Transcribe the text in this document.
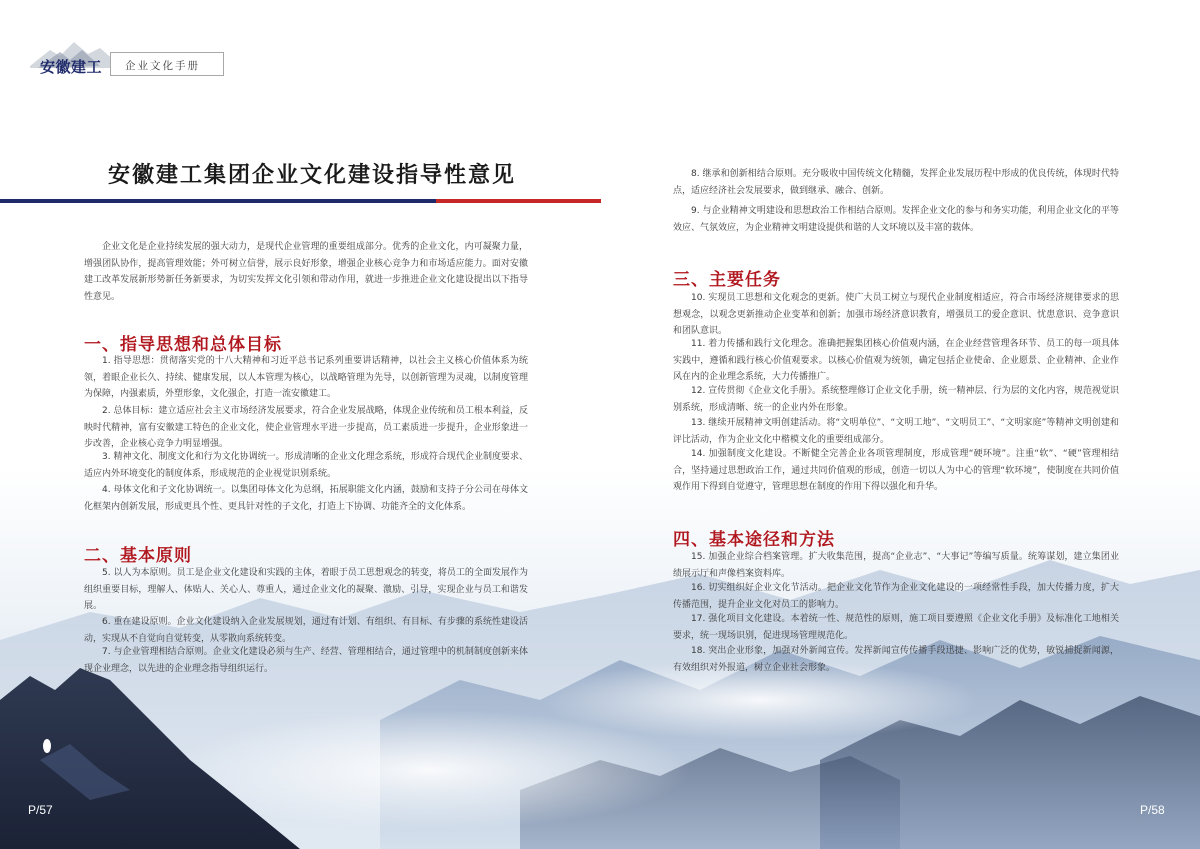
安徽建工 企业文化手册
安徽建工集团企业文化建设指导性意见

企业文化是企业持续发展的强大动力，是现代企业管理的重要组成部分。优秀的企业文化，内可凝聚力量，增强团队协作，提高管理效能；外可树立信誉，展示良好形象，增强企业核心竞争力和市场适应能力。面对安徽建工改革发展新形势新任务新要求，为切实发挥文化引领和带动作用，就进一步推进企业文化建设提出以下指导性意见。

一、指导思想和总体目标

1. 指导思想：贯彻落实党的十八大精神和习近平总书记系列重要讲话精神，以社会主义核心价值体系为统领，着眼企业长久、持续、健康发展，以人本管理为核心，以战略管理为先导，以创新管理为灵魂，以制度管理为保障，内强素质，外塑形象，文化强企，打造一流安徽建工。

2. 总体目标：建立适应社会主义市场经济发展要求，符合企业发展战略，体现企业传统和员工根本利益，反映时代精神，富有安徽建工特色的企业文化，使企业管理水平进一步提高，员工素质进一步提升，企业形象进一步改善，企业核心竞争力明显增强。

3. 精神文化、制度文化和行为文化协调统一。形成清晰的企业文化理念系统，形成符合现代企业制度要求、适应内外环境变化的制度体系，形成规范的企业视觉识别系统。

4. 母体文化和子文化协调统一。以集团母体文化为总纲，拓展职能文化内涵，鼓励和支持子分公司在母体文化框架内创新发展，形成更具个性、更具针对性的子文化，打造上下协调、功能齐全的文化体系。

二、基本原则

5. 以人为本原则。员工是企业文化建设和实践的主体，着眼于员工思想观念的转变，将员工的全面发展作为组织重要目标，理解人、体贴人、关心人、尊重人，通过企业文化的凝聚、激励、引导，实现企业与员工和谐发展。

6. 重在建设原则。企业文化建设纳入企业发展规划，通过有计划、有组织、有目标、有步骤的系统性建设活动，实现从不自觉向自觉转变，从零散向系统转变。

7. 与企业管理相结合原则。企业文化建设必须与生产、经营、管理相结合，通过管理中的机制制度创新来体现企业理念，以先进的企业理念指导组织运行。

8. 继承和创新相结合原则。充分吸收中国传统文化精髓，发挥企业发展历程中形成的优良传统，体现时代特点，适应经济社会发展要求，做到继承、融合、创新。

9. 与企业精神文明建设和思想政治工作相结合原则。发挥企业文化的参与和务实功能，利用企业文化的平等效应、气氛效应，为企业精神文明建设提供和谐的人文环境以及丰富的载体。

三、主要任务

10. 实现员工思想和文化观念的更新。使广大员工树立与现代企业制度相适应，符合市场经济规律要求的思想观念，以观念更新推动企业变革和创新；加强市场经济意识教育，增强员工的爱企意识、忧患意识、竞争意识和团队意识。

11. 着力传播和践行文化理念。准确把握集团核心价值观内涵，在企业经营管理各环节、员工的每一项具体实践中，遵循和践行核心价值观要求。以核心价值观为统领，确定包括企业使命、企业愿景、企业精神、企业作风在内的企业理念系统，大力传播推广。

12. 宣传贯彻《企业文化手册》。系统整理修订企业文化手册，统一精神层、行为层的文化内容，规范视觉识别系统，形成清晰、统一的企业内外在形象。

13. 继续开展精神文明创建活动。将“文明单位”、“文明工地”、“文明员工”、“文明家庭”等精神文明创建和评比活动，作为企业文化中楷模文化的重要组成部分。

14. 加强制度文化建设。不断健全完善企业各项管理制度，形成管理“硬环境”。注重“软”、“硬”管理相结合，坚持通过思想政治工作，通过共同价值观的形成，创造一切以人为中心的管理“软环境”，使制度在共同价值观作用下得到自觉遵守，管理思想在制度的作用下得以强化和升华。

四、基本途径和方法

15. 加强企业综合档案管理。扩大收集范围，提高“企业志”、“大事记”等编写质量。统筹谋划，建立集团业绩展示厅和声像档案资料库。

16. 切实组织好企业文化节活动。把企业文化节作为企业文化建设的一项经常性手段，加大传播力度，扩大传播范围，提升企业文化对员工的影响力。

17. 强化项目文化建设。本着统一性、规范性的原则，施工项目要遵照《企业文化手册》及标准化工地相关要求，统一现场识别，促进现场管理规范化。

18. 突出企业形象，加强对外新闻宣传。发挥新闻宣传传播手段迅捷、影响广泛的优势，敏锐捕捉新闻源，有效组织对外报道，树立企业社会形象。

P/57	P/58
